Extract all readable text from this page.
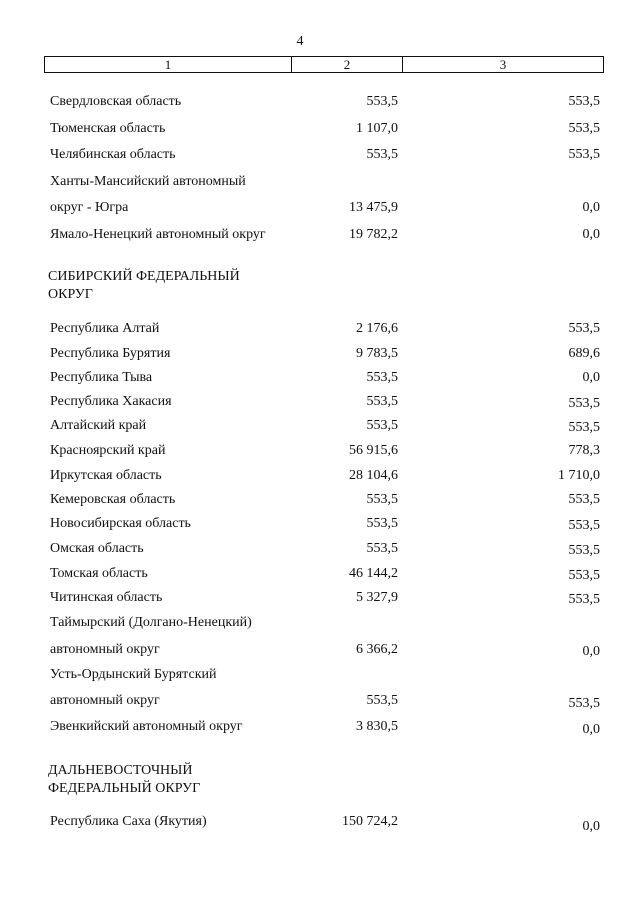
4
1	2	3
Свердловская область	553,5	553,5
Тюменская область	1 107,0	553,5
Челябинская область	553,5	553,5
Ханты-Мансийский автономный
округ - Югра	13 475,9	0,0
Ямало-Ненецкий автономный округ	19 782,2	0,0
СИБИРСКИЙ ФЕДЕРАЛЬНЫЙ
ОКРУГ
Республика Алтай	2 176,6	553,5
Республика Бурятия	9 783,5	689,6
Республика Тыва	553,5	0,0
Республика Хакасия	553,5	553,5
Алтайский край	553,5	553,5
Красноярский край	56 915,6	778,3
Иркутская область	28 104,6	1 710,0
Кемеровская область	553,5	553,5
Новосибирская область	553,5	553,5
Омская область	553,5	553,5
Томская область	46 144,2	553,5
Читинская область	5 327,9	553,5
Таймырский (Долгано-Ненецкий)
автономный округ	6 366,2	0,0
Усть-Ордынский Бурятский
автономный округ	553,5	553,5
Эвенкийский автономный округ	3 830,5	0,0
ДАЛЬНЕВОСТОЧНЫЙ
ФЕДЕРАЛЬНЫЙ ОКРУГ
Республика Саха (Якутия)	150 724,2	0,0
